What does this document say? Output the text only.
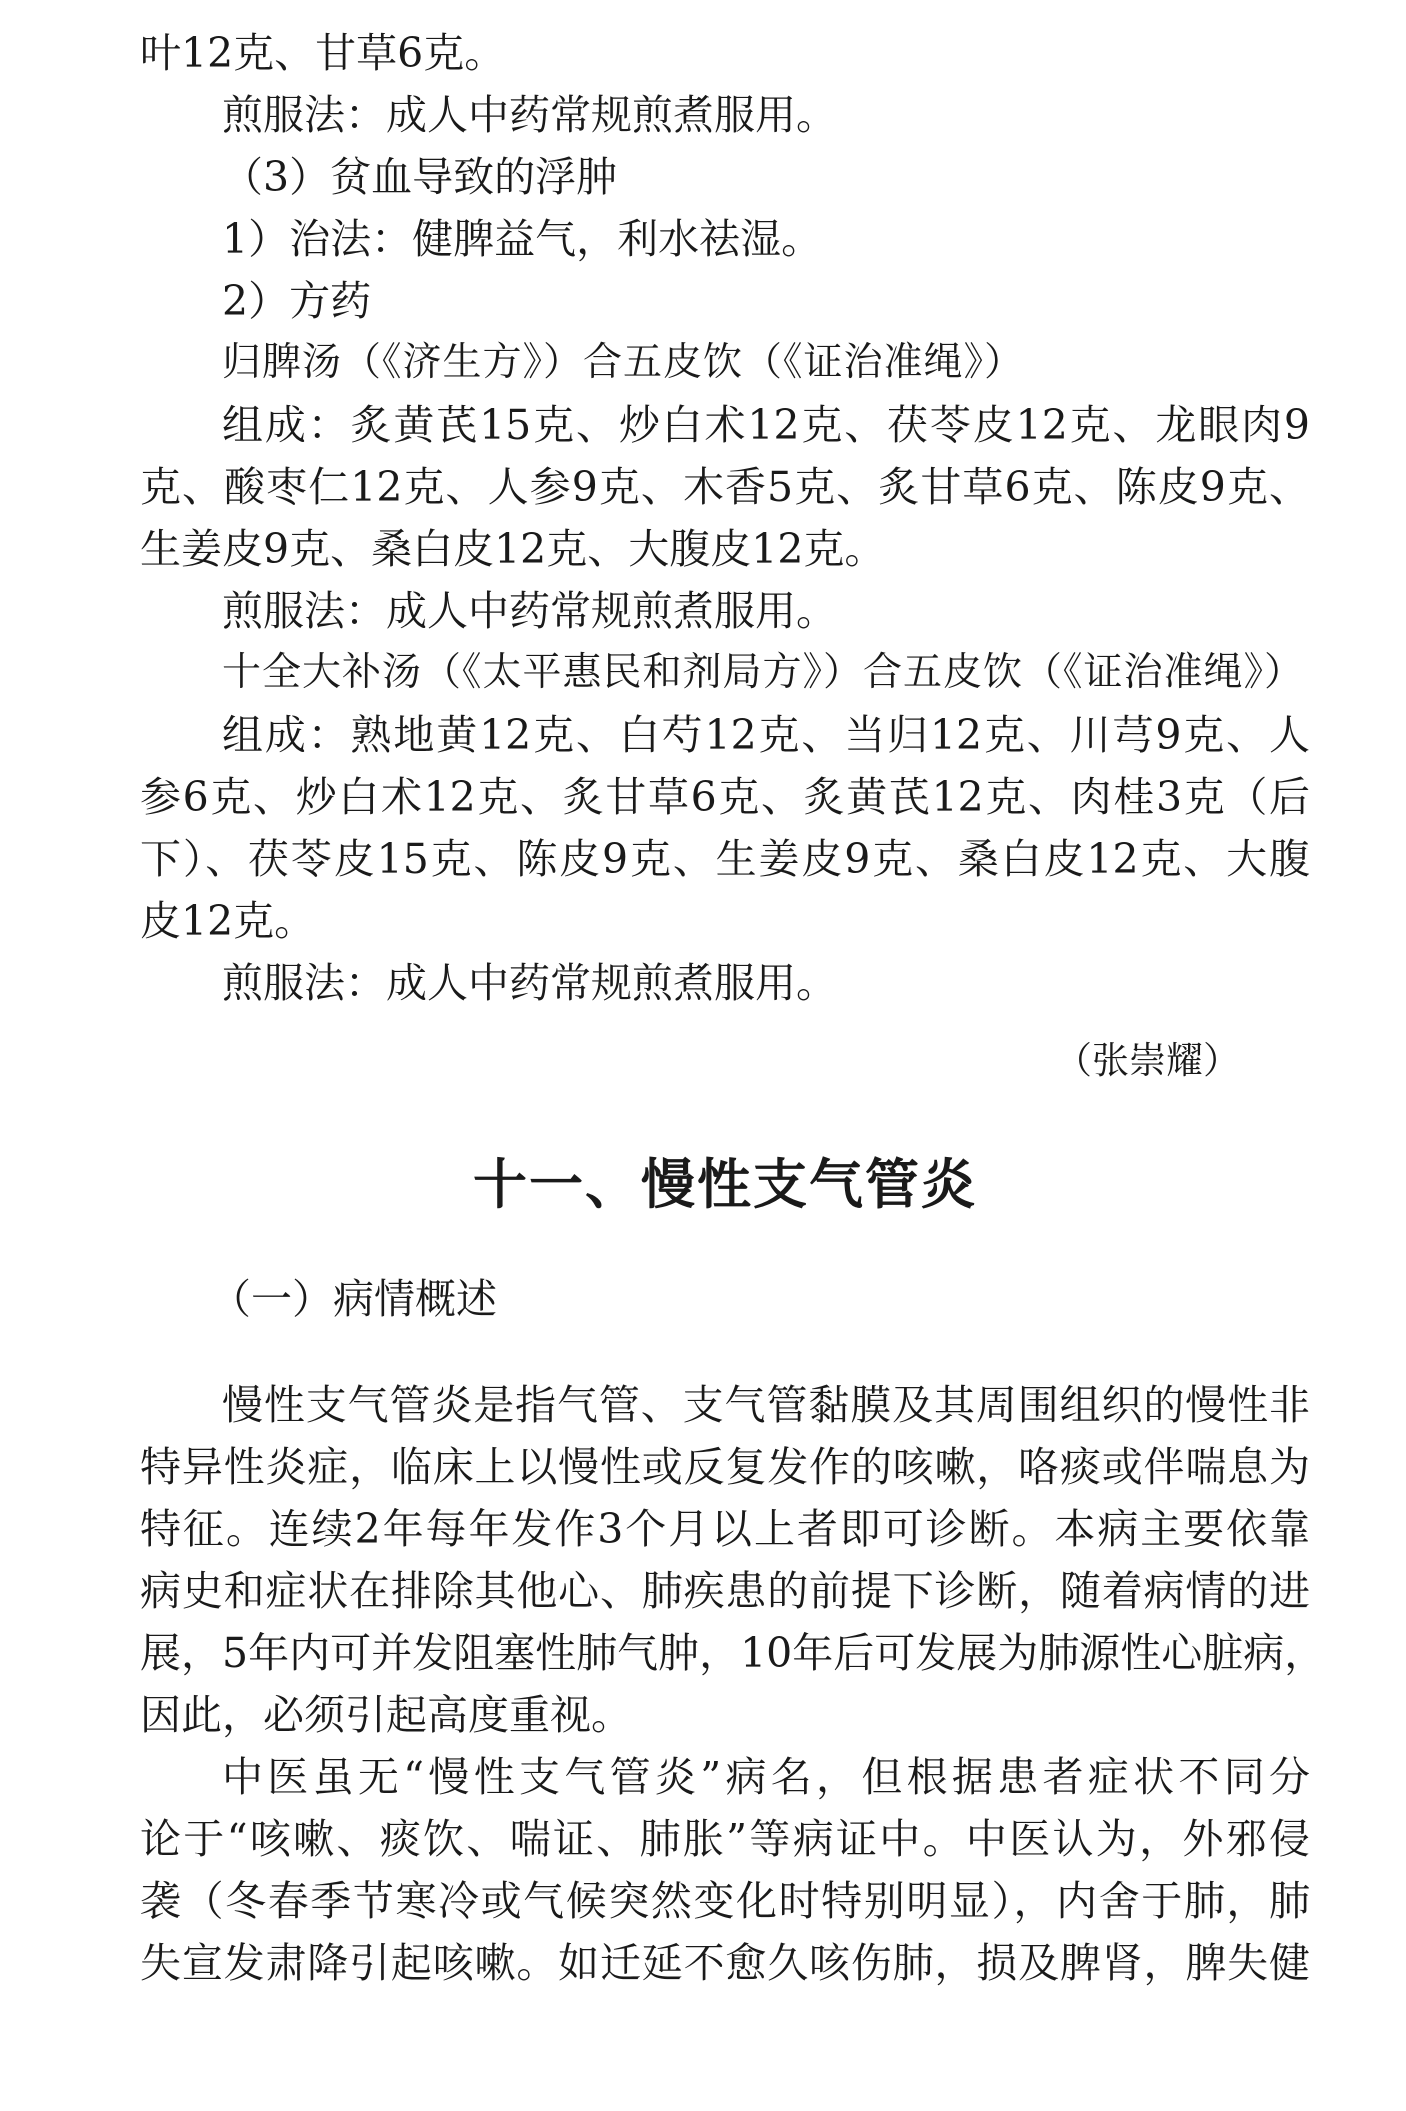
叶12克、甘草6克。
煎服法：成人中药常规煎煮服用。
（3）贫血导致的浮肿
1）治法：健脾益气，利水祛湿。
2）方药
归脾汤（《济生方》）合五皮饮（《证治准绳》）
组成：炙黄芪15克、炒白术12克、茯苓皮12克、龙眼肉9
克、酸枣仁12克、人参9克、木香5克、炙甘草6克、陈皮9克、
生姜皮9克、桑白皮12克、大腹皮12克。
煎服法：成人中药常规煎煮服用。
十全大补汤（《太平惠民和剂局方》）合五皮饮（《证治准绳》）
组成：熟地黄12克、白芍12克、当归12克、川芎9克、人
参6克、炒白术12克、炙甘草6克、炙黄芪12克、肉桂3克（后
下）、茯苓皮15克、陈皮9克、生姜皮9克、桑白皮12克、大腹
皮12克。
煎服法：成人中药常规煎煮服用。
（张崇耀）
十一、慢性支气管炎
（一）病情概述
慢性支气管炎是指气管、支气管黏膜及其周围组织的慢性非
特异性炎症，临床上以慢性或反复发作的咳嗽，咯痰或伴喘息为
特征。连续2年每年发作3个月以上者即可诊断。本病主要依靠
病史和症状在排除其他心、肺疾患的前提下诊断，随着病情的进
展，5年内可并发阻塞性肺气肿，10年后可发展为肺源性心脏病，
因此，必须引起高度重视。
中医虽无“慢性支气管炎”病名，但根据患者症状不同分
论于“咳嗽、痰饮、喘证、肺胀”等病证中。中医认为，外邪侵
袭（冬春季节寒冷或气候突然变化时特别明显），内舍于肺，肺
失宣发肃降引起咳嗽。如迁延不愈久咳伤肺，损及脾肾，脾失健
